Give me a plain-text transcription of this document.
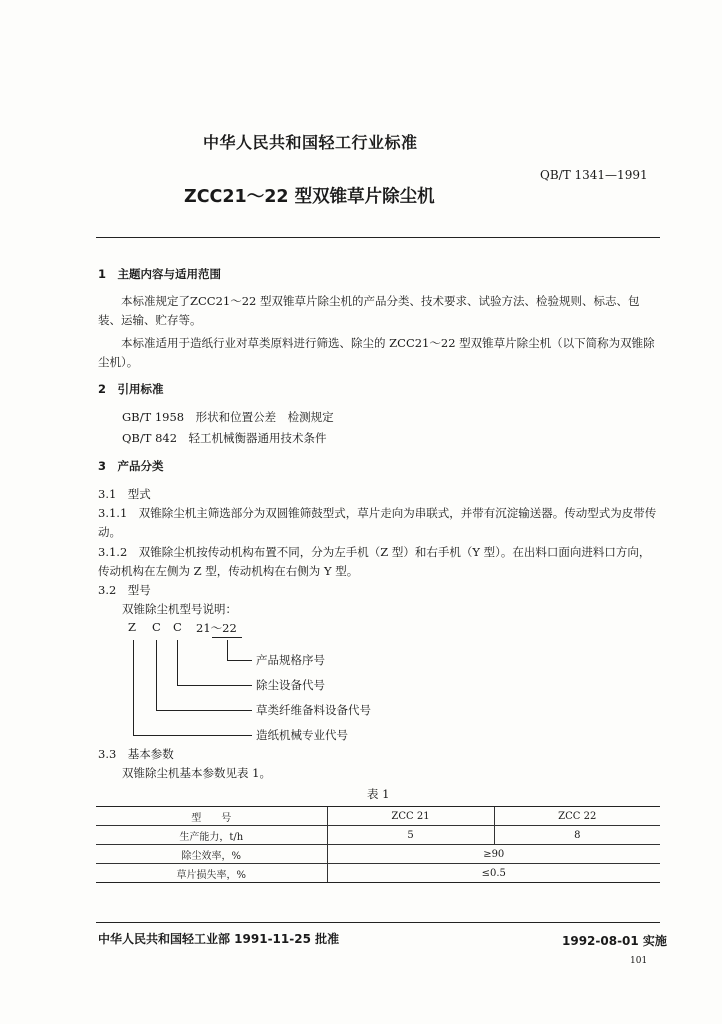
中华人民共和国轻工行业标准
QB/T 1341—1991
ZCC21～22 型双锥草片除尘机
1　主题内容与适用范围
本标准规定了ZCC21～22 型双锥草片除尘机的产品分类、技术要求、试验方法、检验规则、标志、包装、运输、贮存等。
本标准适用于造纸行业对草类原料进行筛选、除尘的 ZCC21～22 型双锥草片除尘机（以下简称为双锥除尘机）。
2　引用标准
GB/T 1958　形状和位置公差　检测规定
QB/T 842　轻工机械衡器通用技术条件
3　产品分类
3.1　型式
3.1.1　双锥除尘机主筛选部分为双圆锥筛鼓型式，草片走向为串联式，并带有沉淀输送器。传动型式为皮带传动。
3.1.2　双锥除尘机按传动机构布置不同，分为左手机（Z 型）和右手机（Y 型）。在出料口面向进料口方向，传动机构在左侧为 Z 型，传动机构在右侧为 Y 型。
3.2　型号
双锥除尘机型号说明：
Z C C 21～22
产品规格序号
除尘设备代号
草类纤维备料设备代号
造纸机械专业代号
3.3　基本参数
双锥除尘机基本参数见表 1。
表 1
型　　号	ZCC 21	ZCC 22
生产能力，t/h	5	8
除尘效率，%	≥90	
草片损失率，%	≤0.5	
中华人民共和国轻工业部 1991-11-25 批准	1992-08-01 实施
101
